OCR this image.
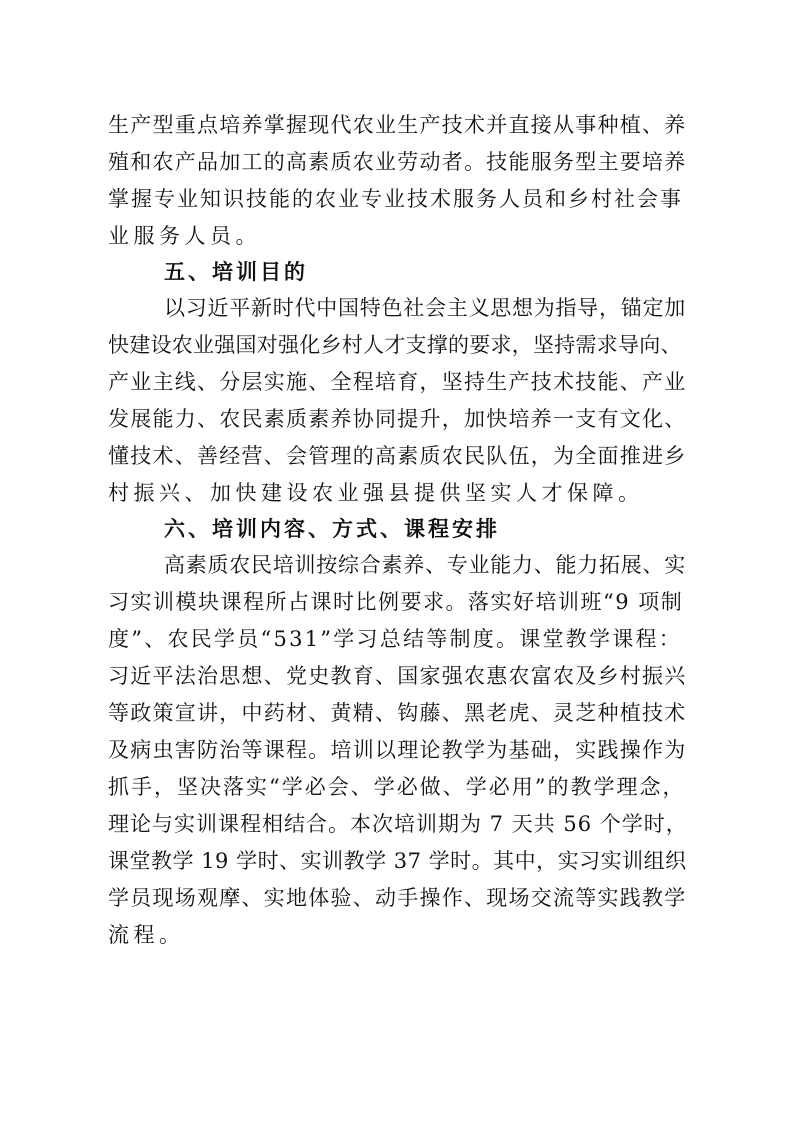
生产型重点培养掌握现代农业生产技术并直接从事种植、养
殖和农产品加工的高素质农业劳动者。技能服务型主要培养
掌握专业知识技能的农业专业技术服务人员和乡村社会事
业服务人员。
五、培训目的
以习近平新时代中国特色社会主义思想为指导，锚定加
快建设农业强国对强化乡村人才支撑的要求，坚持需求导向、
产业主线、分层实施、全程培育，坚持生产技术技能、产业
发展能力、农民素质素养协同提升，加快培养一支有文化、
懂技术、善经营、会管理的高素质农民队伍，为全面推进乡
村振兴、加快建设农业强县提供坚实人才保障。
六、培训内容、方式、课程安排
高素质农民培训按综合素养、专业能力、能力拓展、实
习实训模块课程所占课时比例要求。落实好培训班“9 项制
度”、农民学员“531”学习总结等制度。课堂教学课程：
习近平法治思想、党史教育、国家强农惠农富农及乡村振兴
等政策宣讲，中药材、黄精、钩藤、黑老虎、灵芝种植技术
及病虫害防治等课程。培训以理论教学为基础，实践操作为
抓手，坚决落实“学必会、学必做、学必用”的教学理念，
理论与实训课程相结合。本次培训期为 7 天共 56 个学时，
课堂教学 19 学时、实训教学 37 学时。其中，实习实训组织
学员现场观摩、实地体验、动手操作、现场交流等实践教学
流程。
